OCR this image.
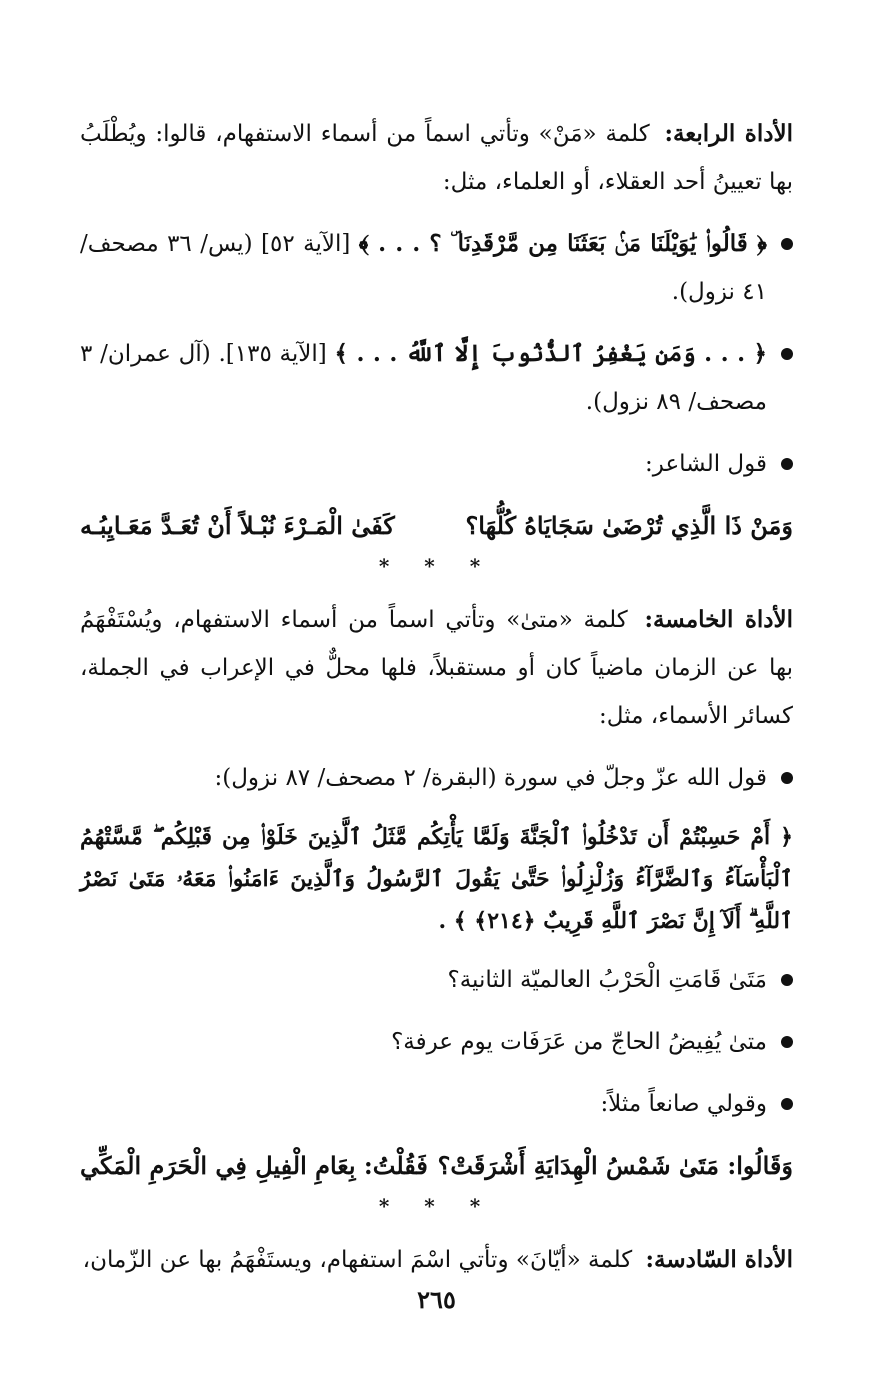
الأداة الرابعة: كلمة «مَنْ» وتأتي اسماً من أسماء الاستفهام، قالوا: ويُطْلَبُ بها تعيينُ أحد العقلاء، أو العلماء، مثل:

﴿ قَالُوا۟ يَٰوَيْلَنَا مَنۢ بَعَثَنَا مِن مَّرْقَدِنَا ۜ ؟ . . . ﴾ [الآية ٥٢] (يس/ ٣٦ مصحف/ ٤١ نزول).
﴿ . . . وَمَن يَغْفِرُ ٱلذُّنُوبَ إِلَّا ٱللَّهُ . . . ﴾ [الآية ١٣٥]. (آل عمران/ ٣ مصحف/ ٨٩ نزول).
قول الشاعر:
وَمَنْ ذَا الَّذِي تُرْضَىٰ سَجَايَاهُ كُلُّهَا؟
كَفَىٰ الْمَـرْءَ نُبْـلاً أَنْ تُعَـدَّ مَعَـايِبُـه
* * *

الأداة الخامسة: كلمة «متىٰ» وتأتي اسماً من أسماء الاستفهام، ويُسْتَفْهَمُ بها عن الزمان ماضياً كان أو مستقبلاً، فلها محلٌّ في الإعراب في الجملة، كسائر الأسماء، مثل:

قول الله عزّ وجلّ في سورة (البقرة/ ٢ مصحف/ ٨٧ نزول):

﴿ أَمْ حَسِبْتُمْ أَن تَدْخُلُوا۟ ٱلْجَنَّةَ وَلَمَّا يَأْتِكُم مَّثَلُ ٱلَّذِينَ خَلَوْا۟ مِن قَبْلِكُم ۖ مَّسَّتْهُمُ ٱلْبَأْسَآءُ وَٱلضَّرَّآءُ وَزُلْزِلُوا۟ حَتَّىٰ يَقُولَ ٱلرَّسُولُ وَٱلَّذِينَ ءَامَنُوا۟ مَعَهُۥ مَتَىٰ نَصْرُ ٱللَّهِ ۗ أَلَآ إِنَّ نَصْرَ ٱللَّهِ قَرِيبٌ ﴿٢١٤﴾ ﴾ .

مَتَىٰ قَامَتِ الْحَرْبُ العالميّة الثانية؟
متىٰ يُفِيضُ الحاجّ من عَرَفَات يوم عرفة؟
وقولي صانعاً مثلاً:
وَقَالُوا: مَتَىٰ شَمْسُ الْهِدَايَةِ أَشْرَقَتْ؟
فَقُلْتُ: بِعَامِ الْفِيلِ فِي الْحَرَمِ الْمَكِّي
* * *

الأداة السّادسة: كلمة «أيّانَ» وتأتي اسْمَ استفهام، ويستَفْهَمُ بها عن الزّمان،

٢٦٥
